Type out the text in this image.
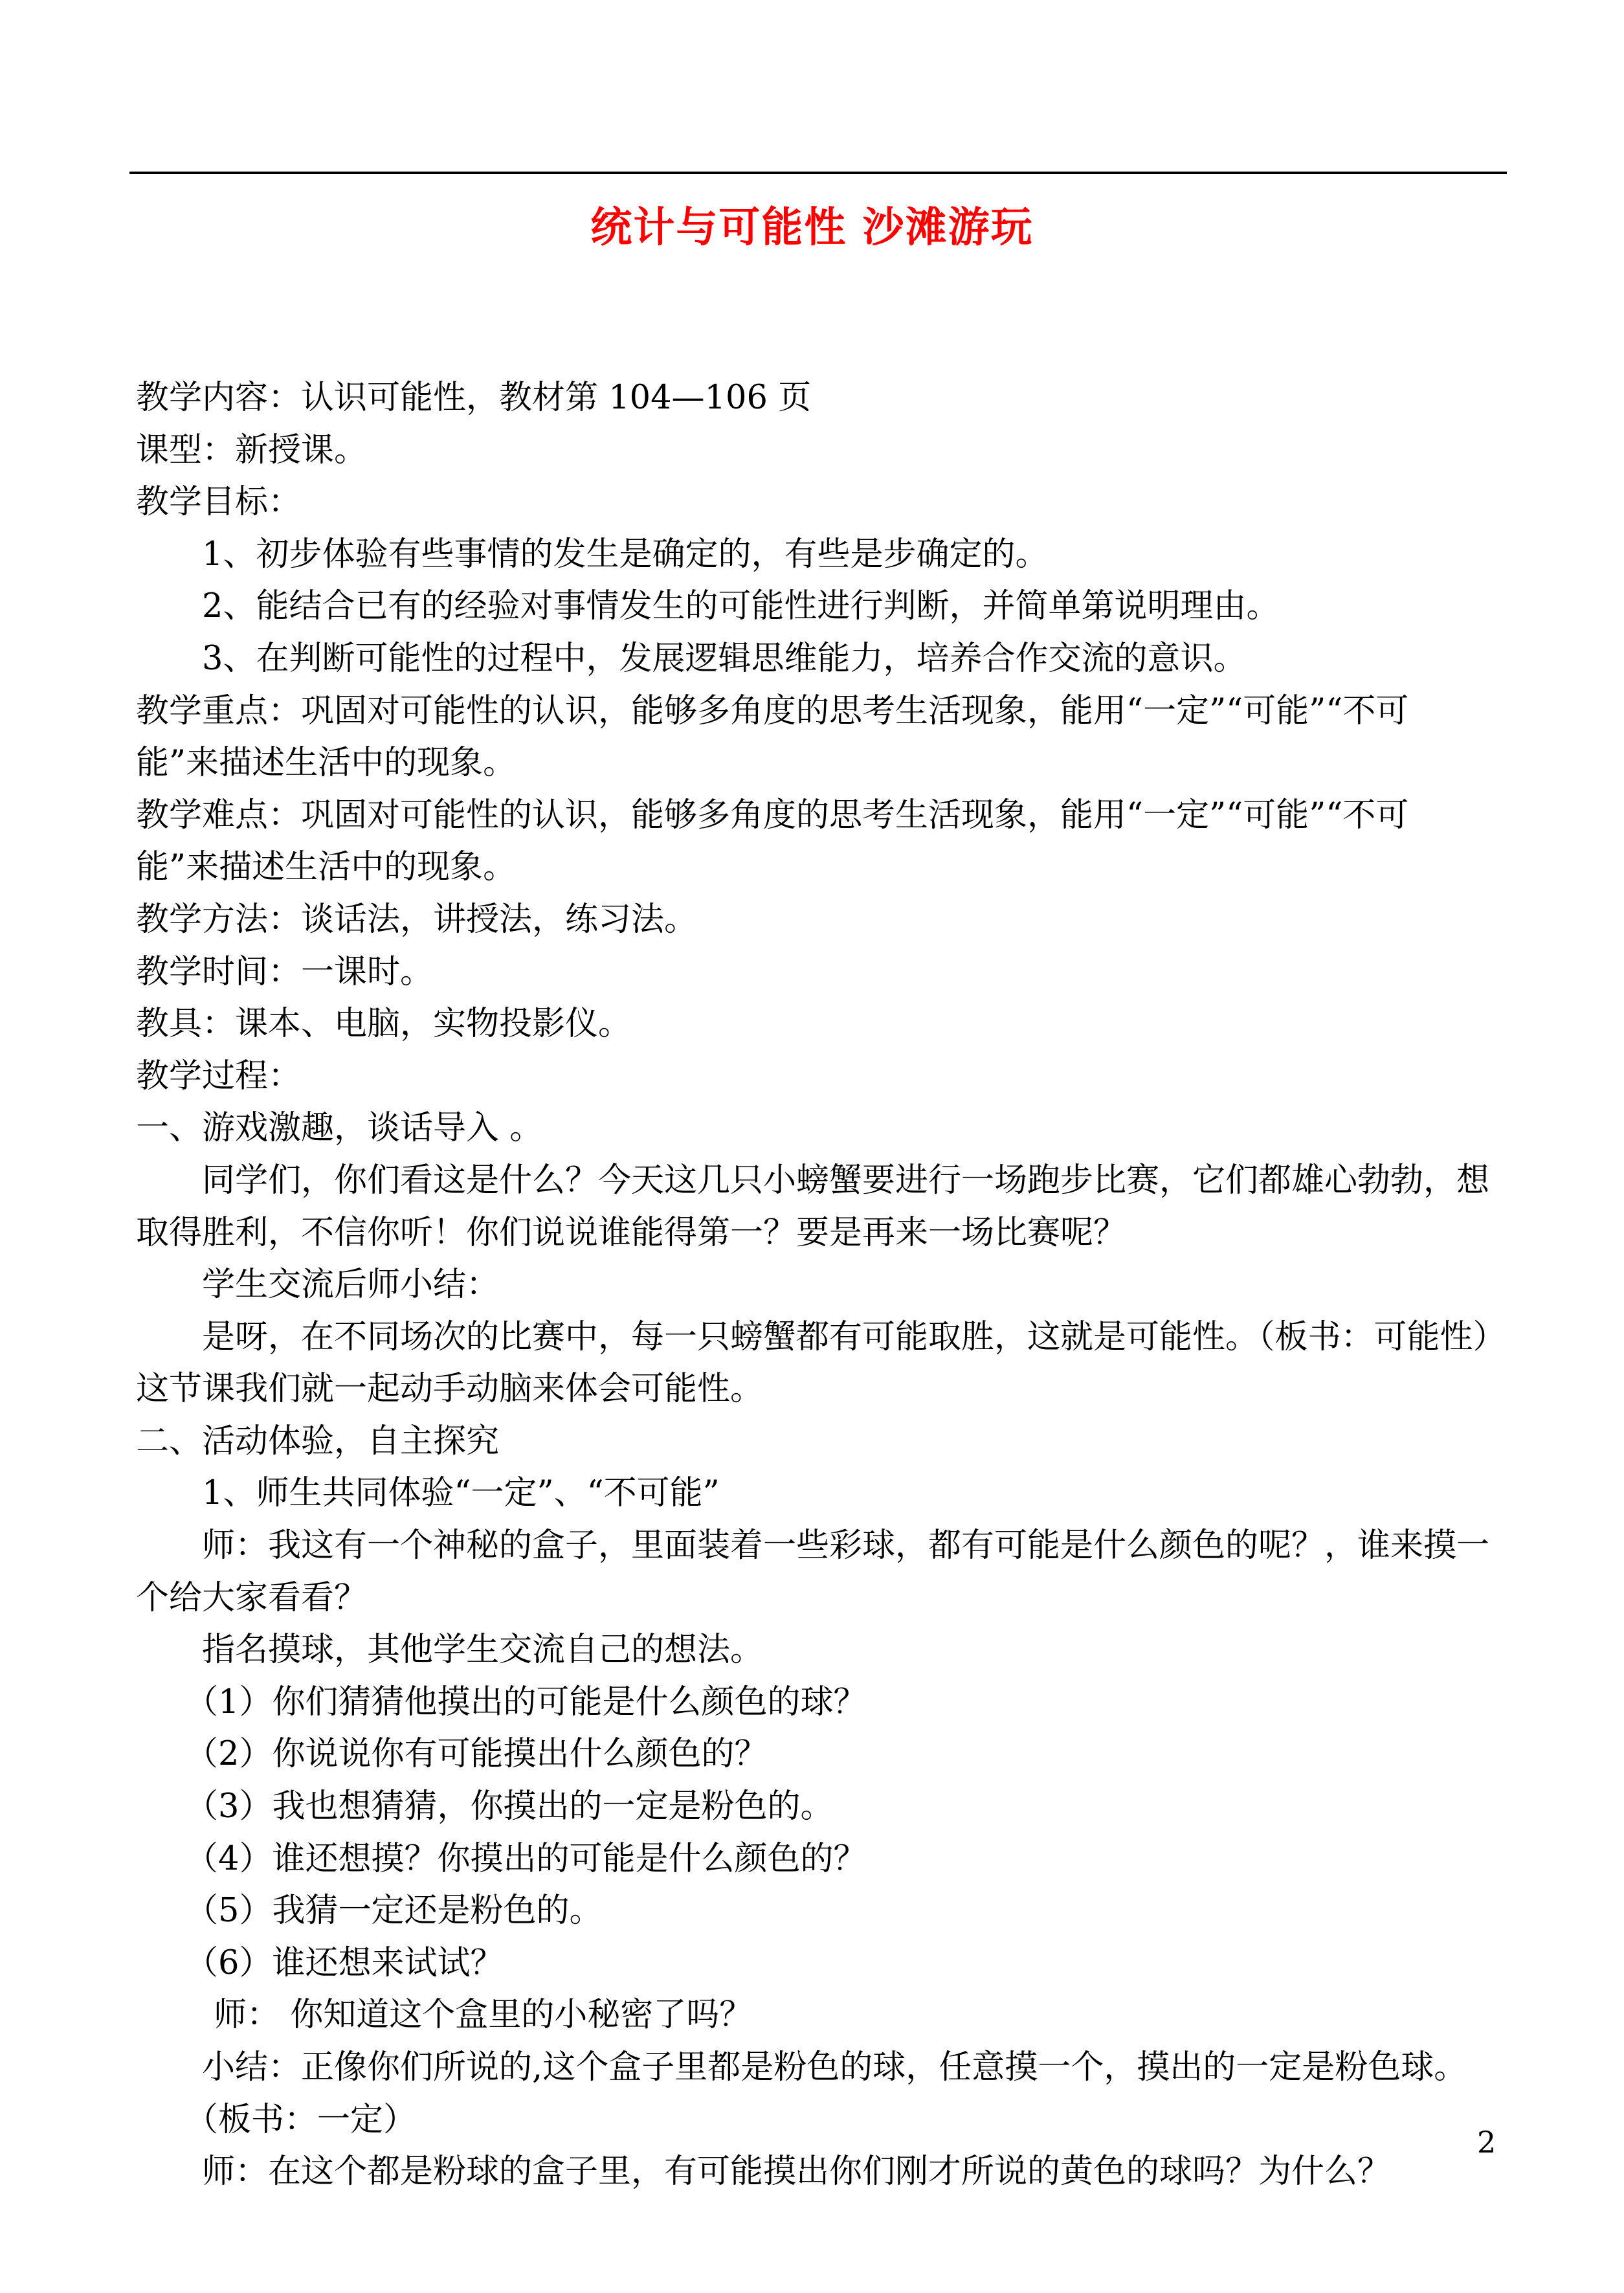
统计与可能性 沙滩游玩

教学内容：认识可能性，教材第 104—106 页

课型：新授课。

教学目标：

1、初步体验有些事情的发生是确定的，有些是步确定的。

2、能结合已有的经验对事情发生的可能性进行判断，并简单第说明理由。

3、在判断可能性的过程中，发展逻辑思维能力，培养合作交流的意识。

教学重点：巩固对可能性的认识，能够多角度的思考生活现象，能用“一定”“可能”“不可

能”来描述生活中的现象。

教学难点：巩固对可能性的认识，能够多角度的思考生活现象，能用“一定”“可能”“不可

能”来描述生活中的现象。

教学方法：谈话法，讲授法，练习法。

教学时间：一课时。

教具：课本、电脑，实物投影仪。

教学过程：

一、游戏激趣，谈话导入 。

同学们，你们看这是什么？今天这几只小螃蟹要进行一场跑步比赛，它们都雄心勃勃，想

取得胜利，不信你听！你们说说谁能得第一？要是再来一场比赛呢？

学生交流后师小结：

是呀，在不同场次的比赛中，每一只螃蟹都有可能取胜，这就是可能性。（板书：可能性）

这节课我们就一起动手动脑来体会可能性。

二、活动体验，自主探究

1、师生共同体验“一定”、“不可能”

师：我这有一个神秘的盒子，里面装着一些彩球，都有可能是什么颜色的呢？，谁来摸一

个给大家看看？

指名摸球，其他学生交流自己的想法。

（1）你们猜猜他摸出的可能是什么颜色的球？

（2）你说说你有可能摸出什么颜色的？

（3）我也想猜猜，你摸出的一定是粉色的。

（4）谁还想摸？你摸出的可能是什么颜色的？

（5）我猜一定还是粉色的。

（6）谁还想来试试？

师： 你知道这个盒里的小秘密了吗？

小结：正像你们所说的,这个盒子里都是粉色的球，任意摸一个，摸出的一定是粉色球。

（板书：一定）

师：在这个都是粉球的盒子里，有可能摸出你们刚才所说的黄色的球吗？为什么？

2
